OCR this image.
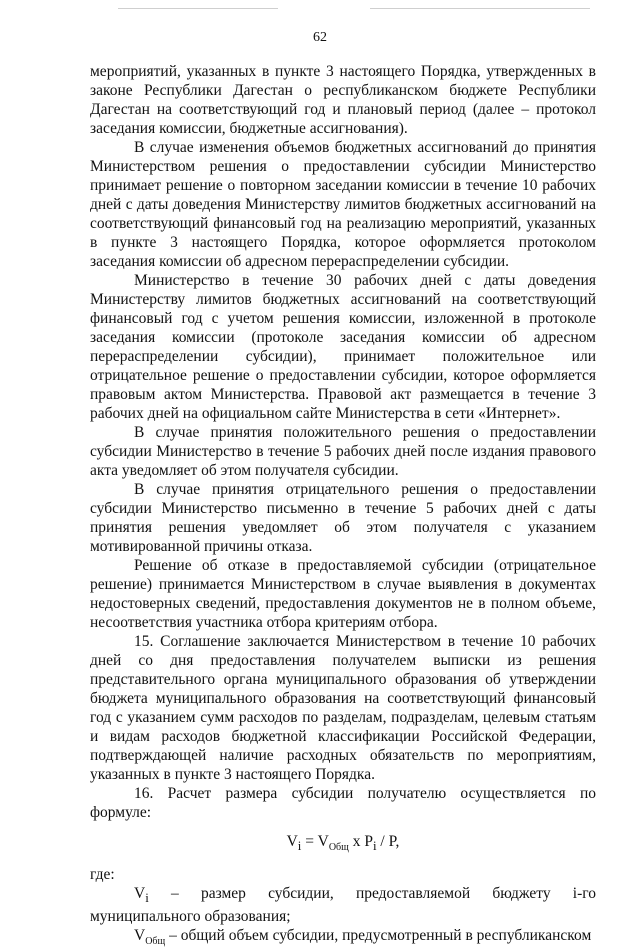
62

мероприятий, указанных в пункте 3 настоящего Порядка, утвержденных в законе Республики Дагестан о республиканском бюджете Республики Дагестан на соответствующий год и плановый период (далее – протокол заседания комиссии, бюджетные ассигнования).

В случае изменения объемов бюджетных ассигнований до принятия Министерством решения о предоставлении субсидии Министерство принимает решение о повторном заседании комиссии в течение 10 рабочих дней с даты доведения Министерству лимитов бюджетных ассигнований на соответствующий финансовый год на реализацию мероприятий, указанных в пункте 3 настоящего Порядка, которое оформляется протоколом заседания комиссии об адресном перераспределении субсидии.

Министерство в течение 30 рабочих дней с даты доведения Министерству лимитов бюджетных ассигнований на соответствующий финансовый год с учетом решения комиссии, изложенной в протоколе заседания комиссии (протоколе заседания комиссии об адресном перераспределении субсидии), принимает положительное или отрицательное решение о предоставлении субсидии, которое оформляется правовым актом Министерства. Правовой акт размещается в течение 3 рабочих дней на официальном сайте Министерства в сети «Интернет».

В случае принятия положительного решения о предоставлении субсидии Министерство в течение 5 рабочих дней после издания правового акта уведомляет об этом получателя субсидии.

В случае принятия отрицательного решения о предоставлении субсидии Министерство письменно в течение 5 рабочих дней с даты принятия решения уведомляет об этом получателя с указанием мотивированной причины отказа.

Решение об отказе в предоставляемой субсидии (отрицательное решение) принимается Министерством в случае выявления в документах недостоверных сведений, предоставления документов не в полном объеме, несоответствия участника отбора критериям отбора.

15. Соглашение заключается Министерством в течение 10 рабочих дней со дня предоставления получателем выписки из решения представительного органа муниципального образования об утверждении бюджета муниципального образования на соответствующий финансовый год с указанием сумм расходов по разделам, подразделам, целевым статьям и видам расходов бюджетной классификации Российской Федерации, подтверждающей наличие расходных обязательств по мероприятиям, указанных в пункте 3 настоящего Порядка.

16. Расчет размера субсидии получателю осуществляется по формуле:

$V_i = V_{Общ}$ x $P_i$ / P,

где:

$V_i$ – размер субсидии, предоставляемой бюджету i-го муниципального образования;

$V_{Общ}$ – общий объем субсидии, предусмотренный в республиканском
